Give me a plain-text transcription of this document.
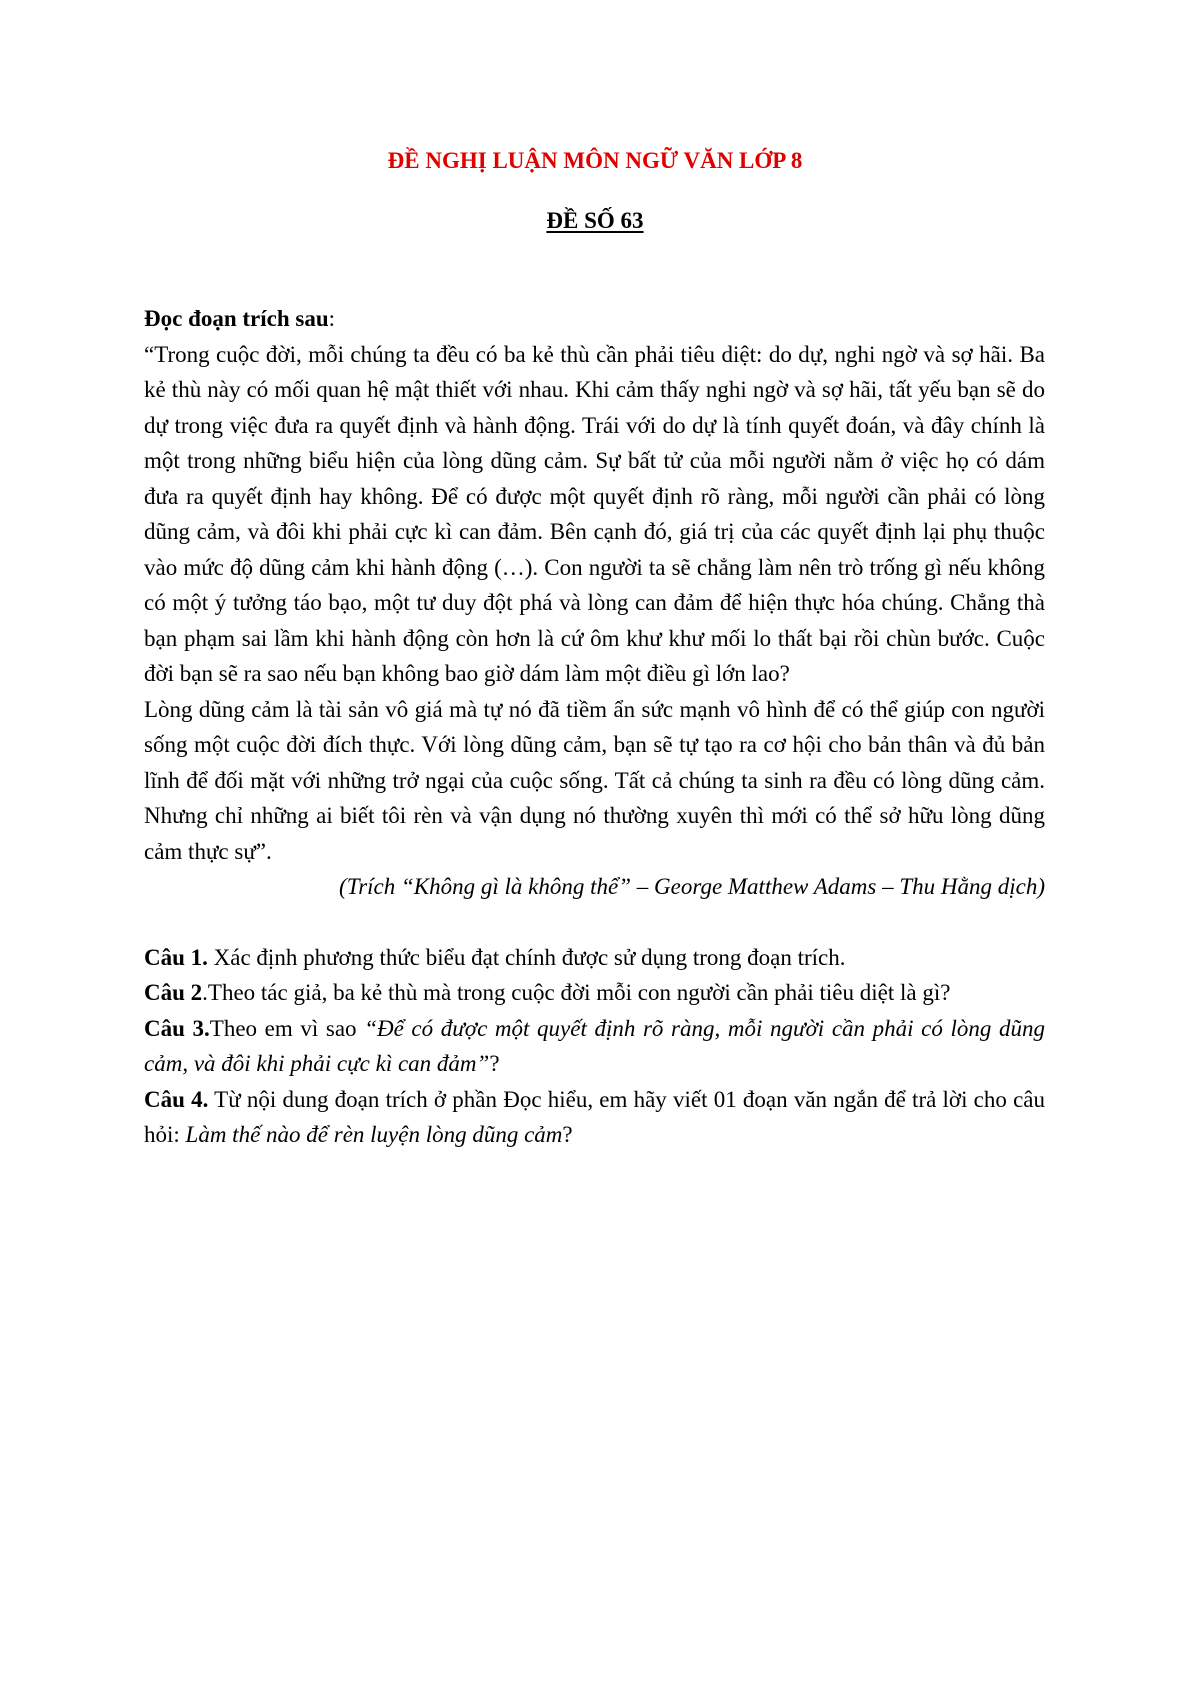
ĐỀ NGHỊ LUẬN MÔN NGỮ VĂN LỚP 8
ĐỀ SỐ 63

Đọc đoạn trích sau:

“Trong cuộc đời, mỗi chúng ta đều có ba kẻ thù cần phải tiêu diệt: do dự, nghi ngờ và sợ hãi. Ba kẻ thù này có mối quan hệ mật thiết với nhau. Khi cảm thấy nghi ngờ và sợ hãi, tất yếu bạn sẽ do dự trong việc đưa ra quyết định và hành động. Trái với do dự là tính quyết đoán, và đây chính là một trong những biểu hiện của lòng dũng cảm. Sự bất tử của mỗi người nằm ở việc họ có dám đưa ra quyết định hay không. Để có được một quyết định rõ ràng, mỗi người cần phải có lòng dũng cảm, và đôi khi phải cực kì can đảm. Bên cạnh đó, giá trị của các quyết định lại phụ thuộc vào mức độ dũng cảm khi hành động (…). Con người ta sẽ chẳng làm nên trò trống gì nếu không có một ý tưởng táo bạo, một tư duy đột phá và lòng can đảm để hiện thực hóa chúng. Chẳng thà bạn phạm sai lầm khi hành động còn hơn là cứ ôm khư khư mối lo thất bại rồi chùn bước. Cuộc đời bạn sẽ ra sao nếu bạn không bao giờ dám làm một điều gì lớn lao?

Lòng dũng cảm là tài sản vô giá mà tự nó đã tiềm ẩn sức mạnh vô hình để có thể giúp con người sống một cuộc đời đích thực. Với lòng dũng cảm, bạn sẽ tự tạo ra cơ hội cho bản thân và đủ bản lĩnh để đối mặt với những trở ngại của cuộc sống. Tất cả chúng ta sinh ra đều có lòng dũng cảm. Nhưng chỉ những ai biết tôi rèn và vận dụng nó thường xuyên thì mới có thể sở hữu lòng dũng cảm thực sự”.

(Trích “Không gì là không thể” – George Matthew Adams – Thu Hằng dịch)

Câu 1. Xác định phương thức biểu đạt chính được sử dụng trong đoạn trích.

Câu 2.Theo tác giả, ba kẻ thù mà trong cuộc đời mỗi con người cần phải tiêu diệt là gì?

Câu 3.Theo em vì sao “Để có được một quyết định rõ ràng, mỗi người cần phải có lòng dũng cảm, và đôi khi phải cực kì can đảm”?

Câu 4. Từ nội dung đoạn trích ở phần Đọc hiểu, em hãy viết 01 đoạn văn ngắn để trả lời cho câu hỏi: Làm thế nào để rèn luyện lòng dũng cảm?
